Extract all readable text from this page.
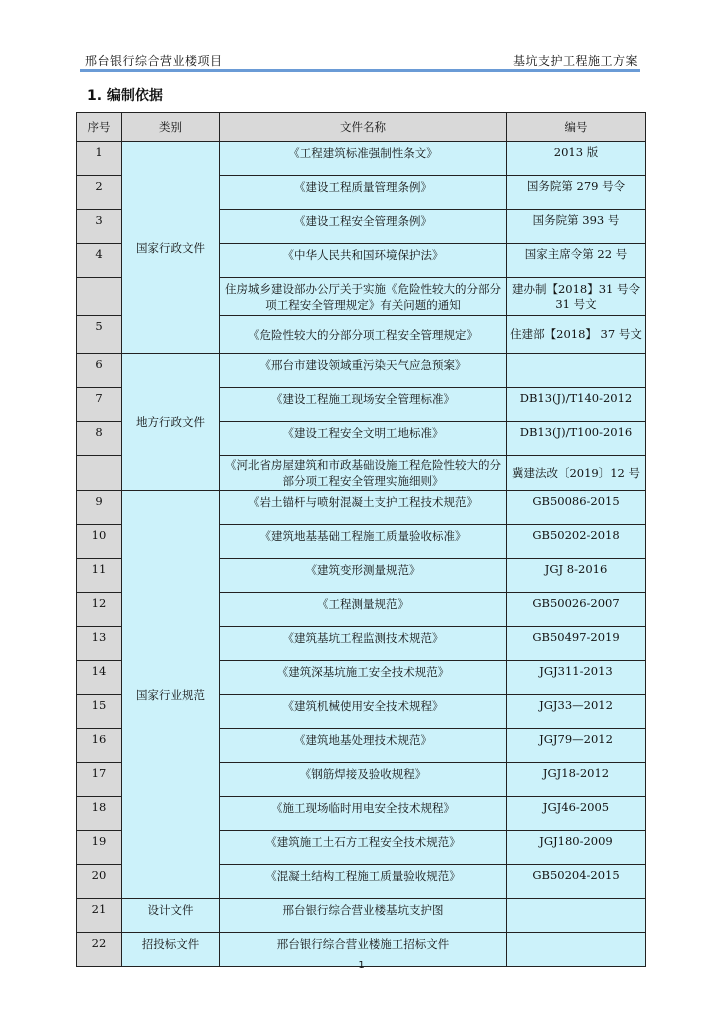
邢台银行综合营业楼项目	基坑支护工程施工方案
1. 编制依据
序号	类别	文件名称	编号
1	国家行政文件	《工程建筑标准强制性条文》	2013 版
2		《建设工程质量管理条例》	国务院第 279 号令
3		《建设工程安全管理条例》	国务院第 393 号
4		《中华人民共和国环境保护法》	国家主席令第 22 号
		住房城乡建设部办公厅关于实施《危险性较大的分部分项工程安全管理规定》有关问题的通知	建办制【2018】31 号令 31 号文
5		《危险性较大的分部分项工程安全管理规定》	住建部【2018】 37 号文
6	地方行政文件	《邢台市建设领域重污染天气应急预案》	
7		《建设工程施工现场安全管理标准》	DB13(J)/T140-2012
8		《建设工程安全文明工地标准》	DB13(J)/T100-2016
		《河北省房屋建筑和市政基础设施工程危险性较大的分部分项工程安全管理实施细则》	冀建法改〔2019〕12 号
9	国家行业规范	《岩土锚杆与喷射混凝土支护工程技术规范》	GB50086-2015
10		《建筑地基基础工程施工质量验收标准》	GB50202-2018
11		《建筑变形测量规范》	JGJ 8-2016
12		《工程测量规范》	GB50026-2007
13		《建筑基坑工程监测技术规范》	GB50497-2019
14		《建筑深基坑施工安全技术规范》	JGJ311-2013
15		《建筑机械使用安全技术规程》	JGJ33—2012
16		《建筑地基处理技术规范》	JGJ79—2012
17		《钢筋焊接及验收规程》	JGJ18-2012
18		《施工现场临时用电安全技术规程》	JGJ46-2005
19		《建筑施工土石方工程安全技术规范》	JGJ180-2009
20		《混凝土结构工程施工质量验收规范》	GB50204-2015
21	设计文件	邢台银行综合营业楼基坑支护图	
22	招投标文件	邢台银行综合营业楼施工招标文件	
1
